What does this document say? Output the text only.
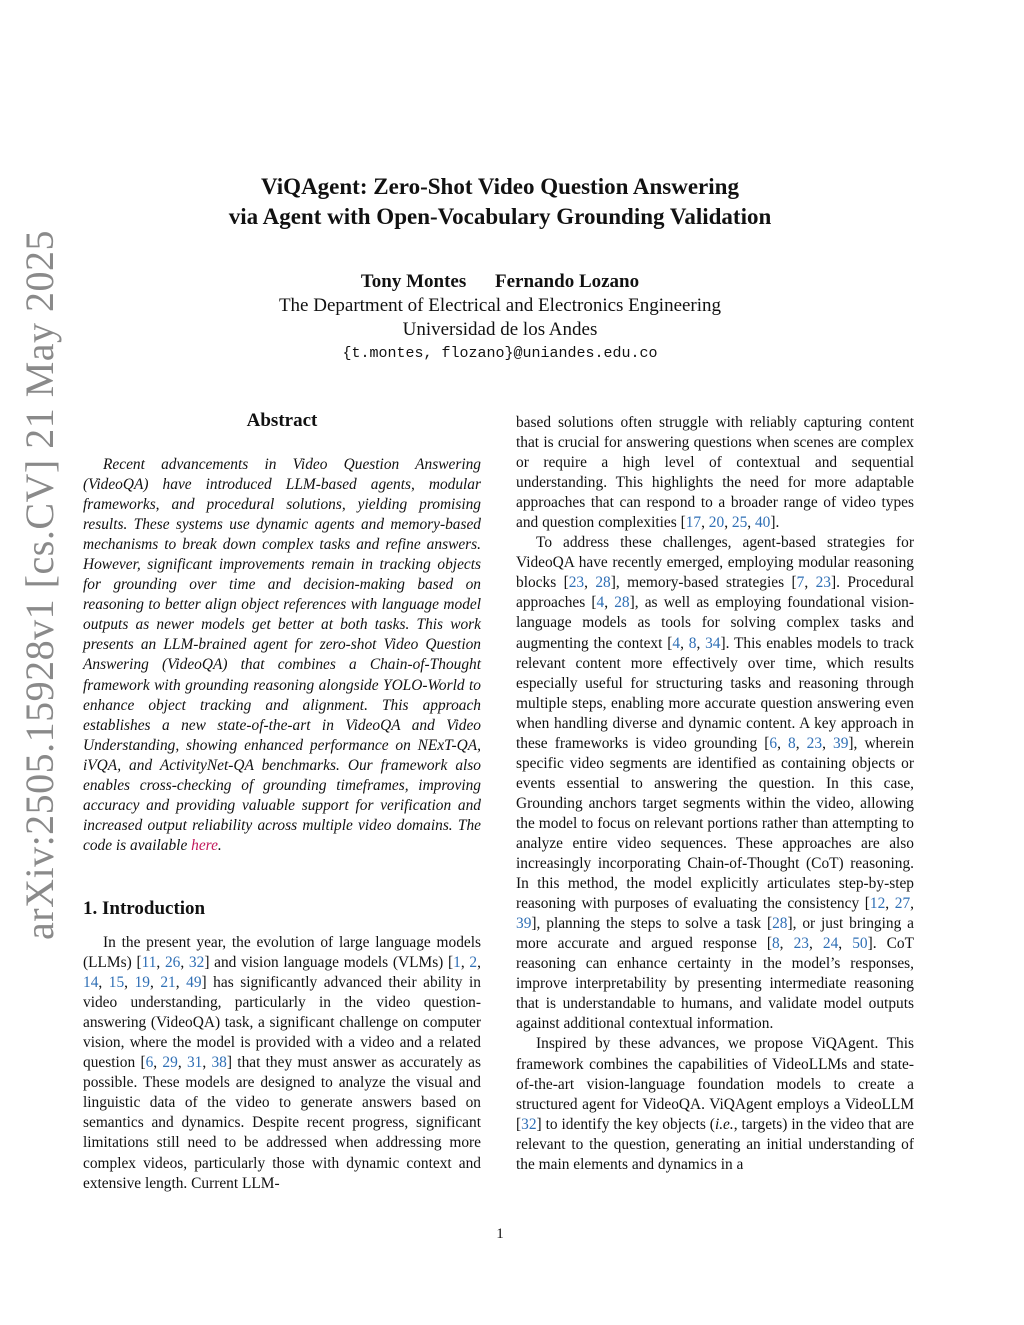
arXiv:2505.15928v1 [cs.CV] 21 May 2025
ViQAgent: Zero-Shot Video Question Answering
via Agent with Open-Vocabulary Grounding Validation
Tony Montes Fernando Lozano
The Department of Electrical and Electronics Engineering
Universidad de los Andes
{t.montes, flozano}@uniandes.edu.co
Abstract

Recent advancements in Video Question Answering (VideoQA) have introduced LLM-based agents, modular frameworks, and procedural solutions, yielding promising results. These systems use dynamic agents and memory-based mechanisms to break down complex tasks and refine answers. However, significant improvements remain in tracking objects for grounding over time and decision-making based on reasoning to better align object references with language model outputs as newer models get better at both tasks. This work presents an LLM-brained agent for zero-shot Video Question Answering (VideoQA) that combines a Chain-of-Thought framework with grounding reasoning alongside YOLO-World to enhance object tracking and alignment. This approach establishes a new state-of-the-art in VideoQA and Video Understanding, showing enhanced performance on NExT-QA, iVQA, and ActivityNet-QA benchmarks. Our framework also enables cross-checking of grounding timeframes, improving accuracy and providing valuable support for verification and increased output reliability across multiple video domains. The code is available here.

1. Introduction

In the present year, the evolution of large language models (LLMs) [11, 26, 32] and vision language models (VLMs) [1, 2, 14, 15, 19, 21, 49] has significantly advanced their ability in video understanding, particularly in the video question-answering (VideoQA) task, a significant challenge on computer vision, where the model is provided with a video and a related question [6, 29, 31, 38] that they must answer as accurately as possible. These models are designed to analyze the visual and linguistic data of the video to generate answers based on semantics and dynamics. Despite recent progress, significant limitations still need to be addressed when addressing more complex videos, particularly those with dynamic context and extensive length. Current LLM-

based solutions often struggle with reliably capturing content that is crucial for answering questions when scenes are complex or require a high level of contextual and sequential understanding. This highlights the need for more adaptable approaches that can respond to a broader range of video types and question complexities [17, 20, 25, 40].

To address these challenges, agent-based strategies for VideoQA have recently emerged, employing modular reasoning blocks [23, 28], memory-based strategies [7, 23]. Procedural approaches [4, 28], as well as employing foundational vision-language models as tools for solving complex tasks and augmenting the context [4, 8, 34]. This enables models to track relevant content more effectively over time, which results especially useful for structuring tasks and reasoning through multiple steps, enabling more accurate question answering even when handling diverse and dynamic content. A key approach in these frameworks is video grounding [6, 8, 23, 39], wherein specific video segments are identified as containing objects or events essential to answering the question. In this case, Grounding anchors target segments within the video, allowing the model to focus on relevant portions rather than attempting to analyze entire video sequences. These approaches are also increasingly incorporating Chain-of-Thought (CoT) reasoning. In this method, the model explicitly articulates step-by-step reasoning with purposes of evaluating the consistency [12, 27, 39], planning the steps to solve a task [28], or just bringing a more accurate and argued response [8, 23, 24, 50]. CoT reasoning can enhance certainty in the model’s responses, improve interpretability by presenting intermediate reasoning that is understandable to humans, and validate model outputs against additional contextual information.

Inspired by these advances, we propose ViQAgent. This framework combines the capabilities of VideoLLMs and state-of-the-art vision-language foundation models to create a structured agent for VideoQA. ViQAgent employs a VideoLLM [32] to identify the key objects (i.e., targets) in the video that are relevant to the question, generating an initial understanding of the main elements and dynamics in a

1
